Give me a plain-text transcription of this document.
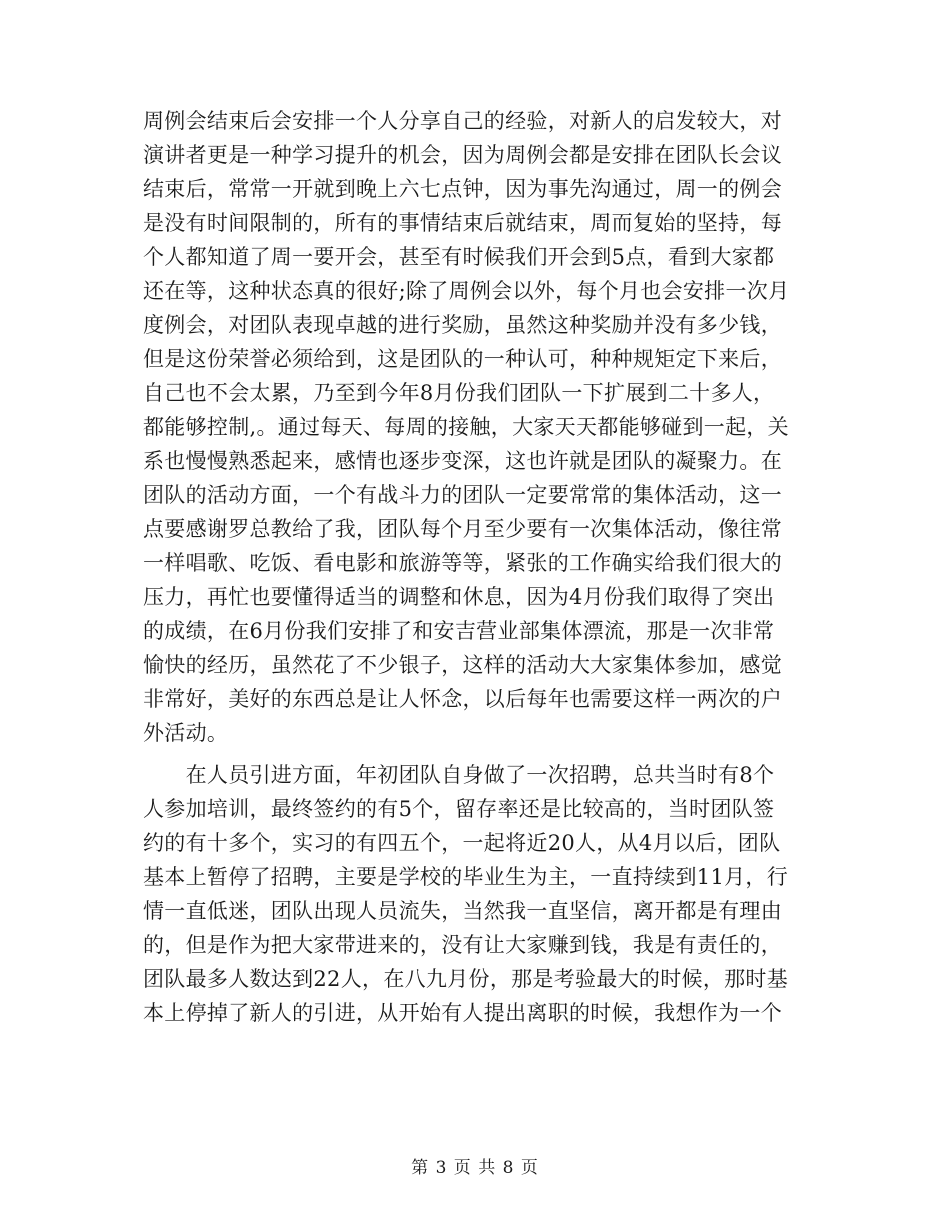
周例会结束后会安排一个人分享自己的经验，对新人的启发较大，对

演讲者更是一种学习提升的机会，因为周例会都是安排在团队长会议

结束后，常常一开就到晚上六七点钟，因为事先沟通过，周一的例会

是没有时间限制的，所有的事情结束后就结束，周而复始的坚持，每

个人都知道了周一要开会，甚至有时候我们开会到5点，看到大家都

还在等，这种状态真的很好;除了周例会以外，每个月也会安排一次月

度例会，对团队表现卓越的进行奖励，虽然这种奖励并没有多少钱，

但是这份荣誉必须给到，这是团队的一种认可，种种规矩定下来后，

自己也不会太累，乃至到今年8月份我们团队一下扩展到二十多人，

都能够控制,。通过每天、每周的接触，大家天天都能够碰到一起，关

系也慢慢熟悉起来，感情也逐步变深，这也许就是团队的凝聚力。在

团队的活动方面，一个有战斗力的团队一定要常常的集体活动，这一

点要感谢罗总教给了我，团队每个月至少要有一次集体活动，像往常

一样唱歌、吃饭、看电影和旅游等等，紧张的工作确实给我们很大的

压力，再忙也要懂得适当的调整和休息，因为4月份我们取得了突出

的成绩，在6月份我们安排了和安吉营业部集体漂流，那是一次非常

愉快的经历，虽然花了不少银子，这样的活动大大家集体参加，感觉

非常好，美好的东西总是让人怀念，以后每年也需要这样一两次的户

外活动。

　　在人员引进方面，年初团队自身做了一次招聘，总共当时有8个

人参加培训，最终签约的有5个，留存率还是比较高的，当时团队签

约的有十多个，实习的有四五个，一起将近20人，从4月以后，团队

基本上暂停了招聘，主要是学校的毕业生为主，一直持续到11月，行

情一直低迷，团队出现人员流失，当然我一直坚信，离开都是有理由

的，但是作为把大家带进来的，没有让大家赚到钱，我是有责任的，

团队最多人数达到22人，在八九月份，那是考验最大的时候，那时基

本上停掉了新人的引进，从开始有人提出离职的时候，我想作为一个

第 3 页 共 8 页
